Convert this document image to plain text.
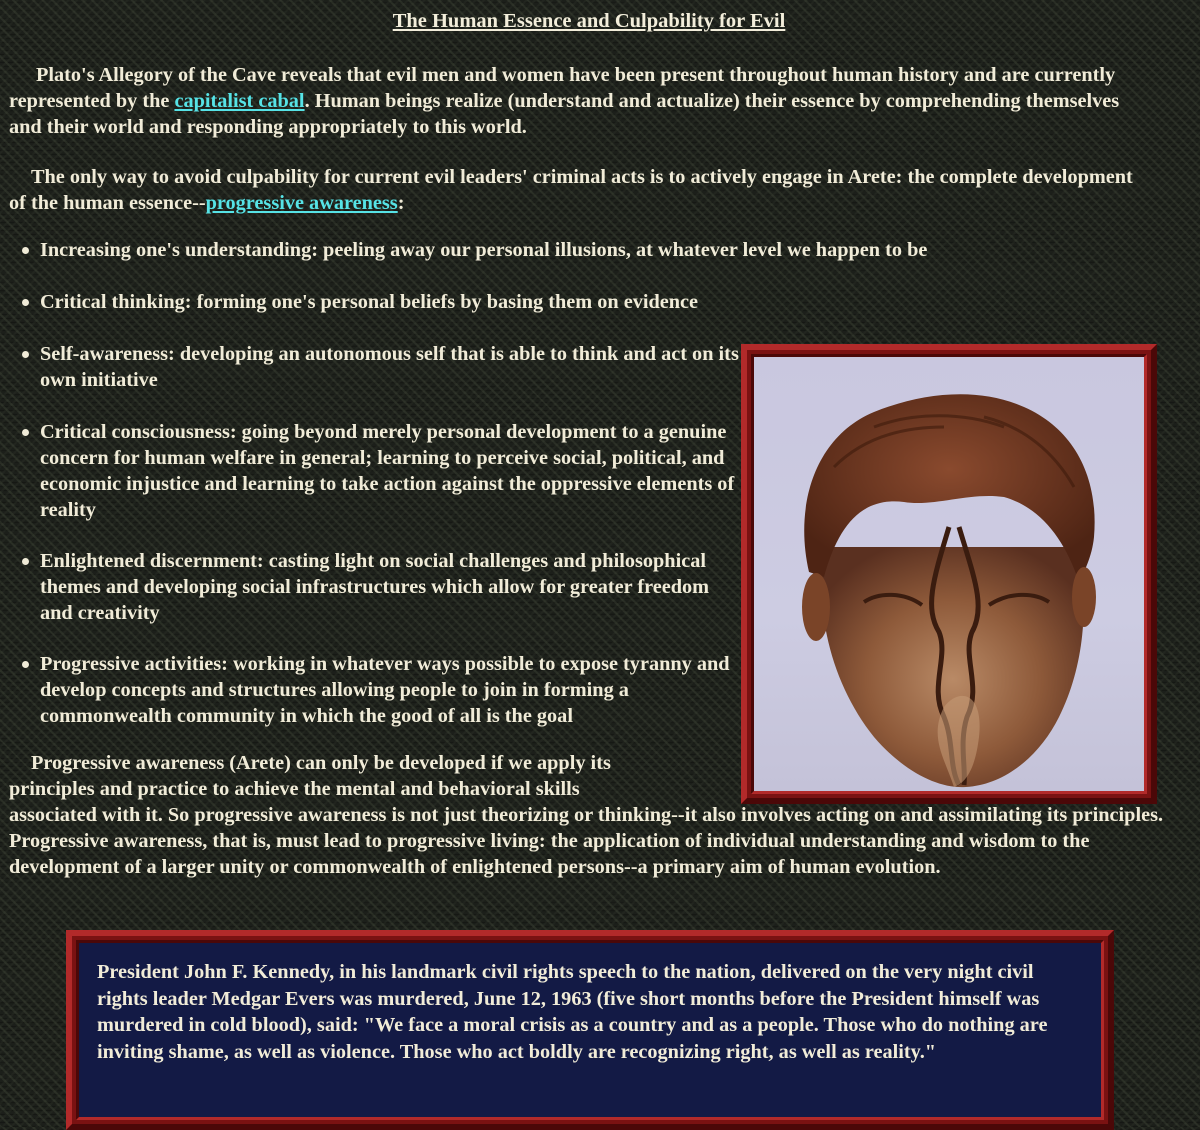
The Human Essence and Culpability for Evil

Plato's Allegory of the Cave reveals that evil men and women have been present throughout human history and are currently represented by the capitalist cabal. Human beings realize (understand and actualize) their essence by comprehending themselves and their world and responding appropriately to this world.

The only way to avoid culpability for current evil leaders' criminal acts is to actively engage in Arete: the complete development of the human essence--progressive awareness:

Increasing one's understanding: peeling away our personal illusions, at whatever level we happen to be
Critical thinking: forming one's personal beliefs by basing them on evidence
Self-awareness: developing an autonomous self that is able to think and act on its own initiative
Critical consciousness: going beyond merely personal development to a genuine concern for human welfare in general; learning to perceive social, political, and economic injustice and learning to take action against the oppressive elements of reality
Enlightened discernment: casting light on social challenges and philosophical themes and developing social infrastructures which allow for greater freedom and creativity
Progressive activities: working in whatever ways possible to expose tyranny and develop concepts and structures allowing people to join in forming a commonwealth community in which the good of all is the goal

Progressive awareness (Arete) can only be developed if we apply its principles and practice to achieve the mental and behavioral skills associated with it. So progressive awareness is not just theorizing or thinking--it also involves acting on and assimilating its principles. Progressive awareness, that is, must lead to progressive living: the application of individual understanding and wisdom to the development of a larger unity or commonwealth of enlightened persons--a primary aim of human evolution.

President John F. Kennedy, in his landmark civil rights speech to the nation, delivered on the very night civil rights leader Medgar Evers was murdered, June 12, 1963 (five short months before the President himself was murdered in cold blood), said: "We face a moral crisis as a country and as a people. Those who do nothing are inviting shame, as well as violence. Those who act boldly are recognizing right, as well as reality."
